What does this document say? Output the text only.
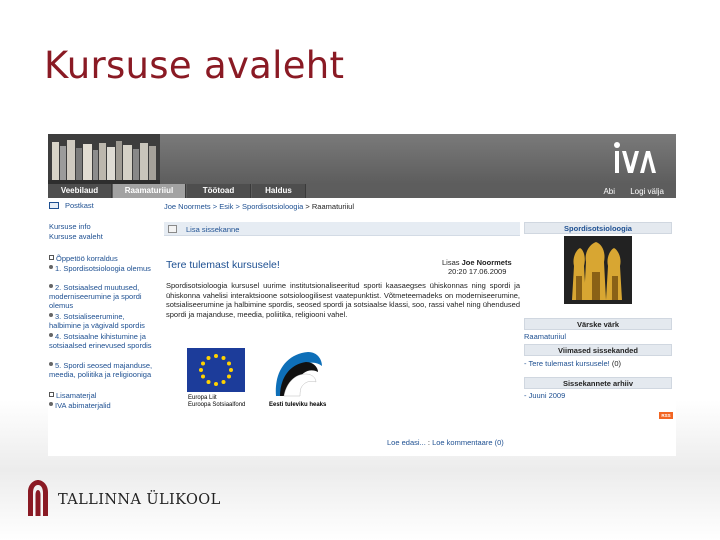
Kursuse avaleht
Veebilaud	Raamaturiiul	Töötoad	Haldus	Abi Logi välja
Postkast
Kursuse info
Kursuse avaleht
Õppetöö korraldus
1. Spordisotsioloogia olemus
2. Sotsiaalsed muutused, moderniseerumine ja spordi olemus
3. Sotsialiseerumine, halbimine ja vägivald spordis
4. Sotsiaalne kihistumine ja sotsiaalsed erinevused spordis
5. Spordi seosed majanduse, meedia, poliitika ja religiooniga
Lisamaterjal
IVA abimaterjalid
Joe Noormets > Esik > Spordisotsioloogia > Raamaturiiul
Lisa sissekanne
Tere tulemast kursusele!	Lisas Joe Noormets
20:20 17.06.2009
Spordisotsioloogia kursusel uurime institutsionaliseeritud sporti kaasaegses ühiskonnas ning spordi ja ühiskonna vahelisi interaktsioone sotsioloogilisest vaatepunktist. Võtmeteemadeks on moderniseerumine, sotsialiseerumine ja halbimine spordis, seosed spordi ja sotsiaalse klassi, soo, rassi vahel ning ühendused spordi ja majanduse, meedia, poliitika, religiooni vahel.
Europa Liit
Euroopa Sotsiaalfond	Eesti tuleviku heaks
Loe edasi... : Loe kommentaare (0)
Spordisotsioloogia
Värske värk
Raamaturiiul
Viimased sissekanded
- Tere tulemast kursusele! (0)
Sissekannete arhiiv
- Juuni 2009
RSS
TALLINNA ÜLIKOOL
